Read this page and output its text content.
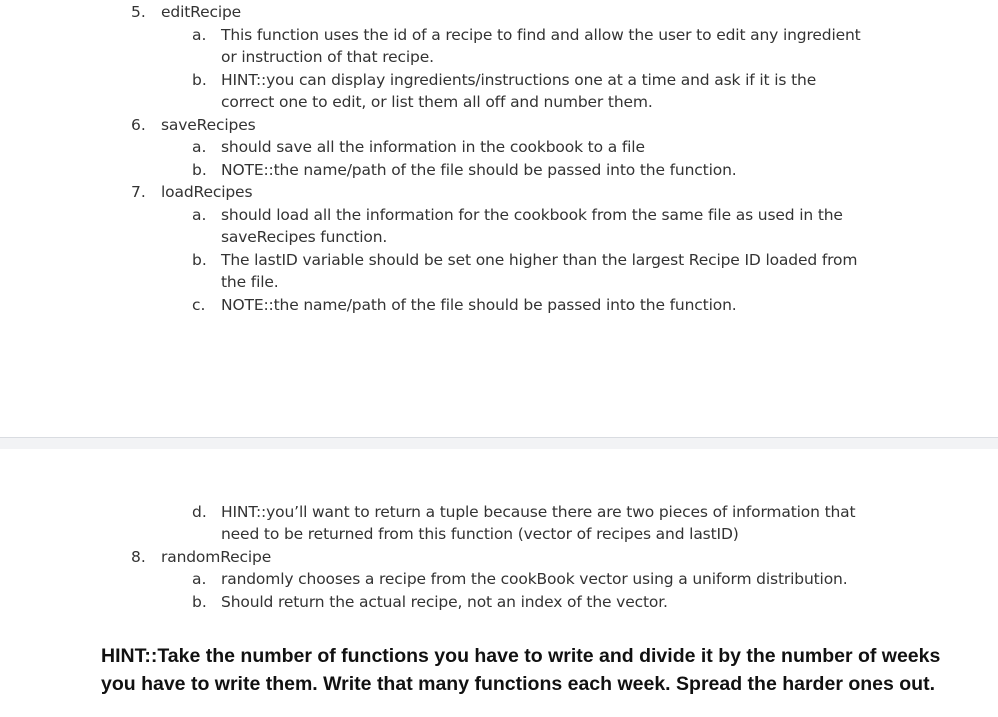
5. editRecipe
a. This function uses the id of a recipe to find and allow the user to edit any ingredient
or instruction of that recipe.
b. HINT::you can display ingredients/instructions one at a time and ask if it is the
correct one to edit, or list them all off and number them.
6. saveRecipes
a. should save all the information in the cookbook to a file
b. NOTE::the name/path of the file should be passed into the function.
7. loadRecipes
a. should load all the information for the cookbook from the same file as used in the
saveRecipes function.
b. The lastID variable should be set one higher than the largest Recipe ID loaded from
the file.
c. NOTE::the name/path of the file should be passed into the function.
d. HINT::you’ll want to return a tuple because there are two pieces of information that
need to be returned from this function (vector of recipes and lastID)
8. randomRecipe
a. randomly chooses a recipe from the cookBook vector using a uniform distribution.
b. Should return the actual recipe, not an index of the vector.
HINT::Take the number of functions you have to write and divide it by the number of weeks
you have to write them. Write that many functions each week. Spread the harder ones out.
